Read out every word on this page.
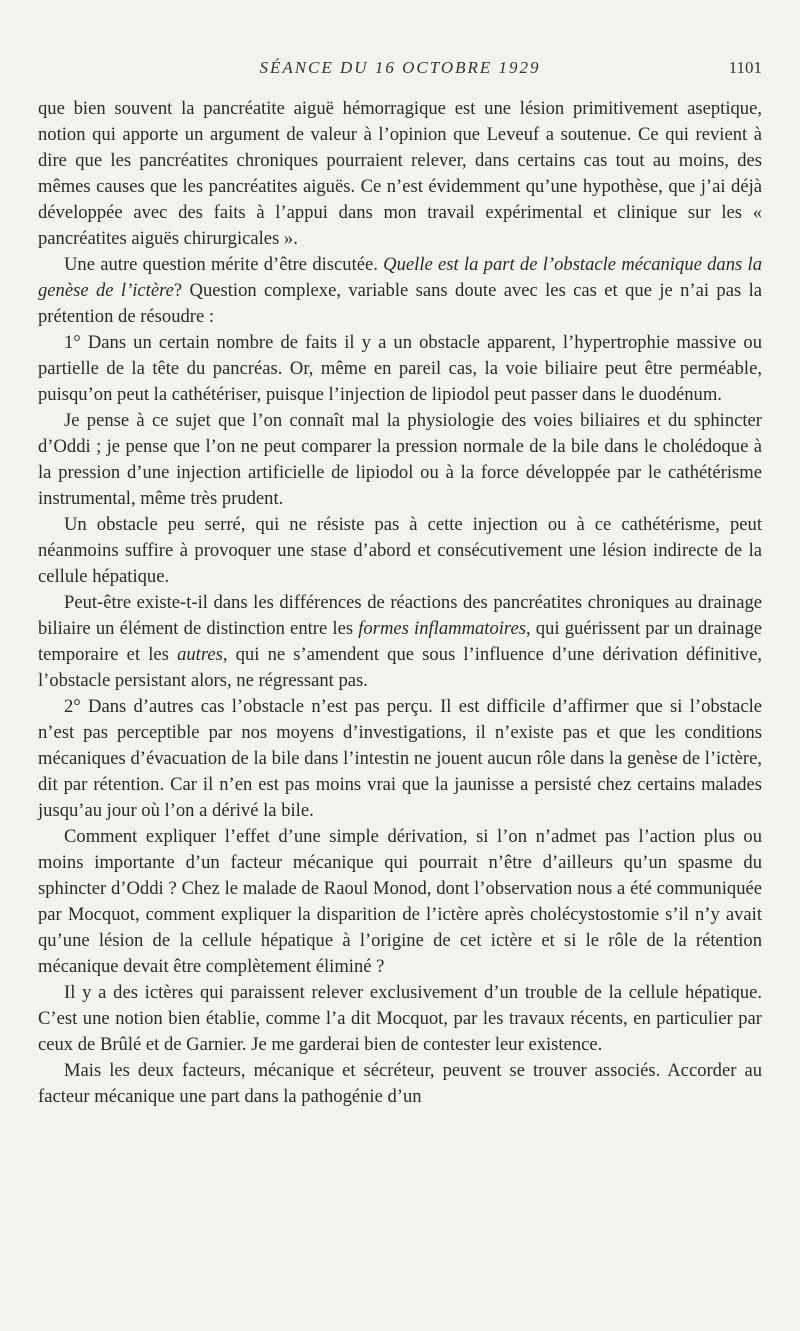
SÉANCE DU 16 OCTOBRE 1929	1101

que bien souvent la pancréatite aiguë hémorragique est une lésion primitivement aseptique, notion qui apporte un argument de valeur à l’opinion que Leveuf a soutenue. Ce qui revient à dire que les pancréatites chroniques pourraient relever, dans certains cas tout au moins, des mêmes causes que les pancréatites aiguës. Ce n’est évidemment qu’une hypothèse, que j’ai déjà développée avec des faits à l’appui dans mon travail expérimental et clinique sur les « pancréatites aiguës chirurgicales ».

Une autre question mérite d’être discutée. Quelle est la part de l’obstacle mécanique dans la genèse de l’ictère? Question complexe, variable sans doute avec les cas et que je n’ai pas la prétention de résoudre :

1° Dans un certain nombre de faits il y a un obstacle apparent, l’hypertrophie massive ou partielle de la tête du pancréas. Or, même en pareil cas, la voie biliaire peut être perméable, puisqu’on peut la cathétériser, puisque l’injection de lipiodol peut passer dans le duodénum.

Je pense à ce sujet que l’on connaît mal la physiologie des voies biliaires et du sphincter d’Oddi ; je pense que l’on ne peut comparer la pression normale de la bile dans le cholédoque à la pression d’une injection artificielle de lipiodol ou à la force développée par le cathétérisme instrumental, même très prudent.

Un obstacle peu serré, qui ne résiste pas à cette injection ou à ce cathétérisme, peut néanmoins suffire à provoquer une stase d’abord et consécutivement une lésion indirecte de la cellule hépatique.

Peut-être existe-t-il dans les différences de réactions des pancréatites chroniques au drainage biliaire un élément de distinction entre les formes inflammatoires, qui guérissent par un drainage temporaire et les autres, qui ne s’amendent que sous l’influence d’une dérivation définitive, l’obstacle persistant alors, ne régressant pas.

2° Dans d’autres cas l’obstacle n’est pas perçu. Il est difficile d’affirmer que si l’obstacle n’est pas perceptible par nos moyens d’investigations, il n’existe pas et que les conditions mécaniques d’évacuation de la bile dans l’intestin ne jouent aucun rôle dans la genèse de l’ictère, dit par rétention. Car il n’en est pas moins vrai que la jaunisse a persisté chez certains malades jusqu’au jour où l’on a dérivé la bile.

Comment expliquer l’effet d’une simple dérivation, si l’on n’admet pas l’action plus ou moins importante d’un facteur mécanique qui pourrait n’être d’ailleurs qu’un spasme du sphincter d’Oddi ? Chez le malade de Raoul Monod, dont l’observation nous a été communiquée par Mocquot, comment expliquer la disparition de l’ictère après cholécystostomie s’il n’y avait qu’une lésion de la cellule hépatique à l’origine de cet ictère et si le rôle de la rétention mécanique devait être complètement éliminé ?

Il y a des ictères qui paraissent relever exclusivement d’un trouble de la cellule hépatique. C’est une notion bien établie, comme l’a dit Mocquot, par les travaux récents, en particulier par ceux de Brûlé et de Garnier. Je me garderai bien de contester leur existence.

Mais les deux facteurs, mécanique et sécréteur, peuvent se trouver associés. Accorder au facteur mécanique une part dans la pathogénie d’un
